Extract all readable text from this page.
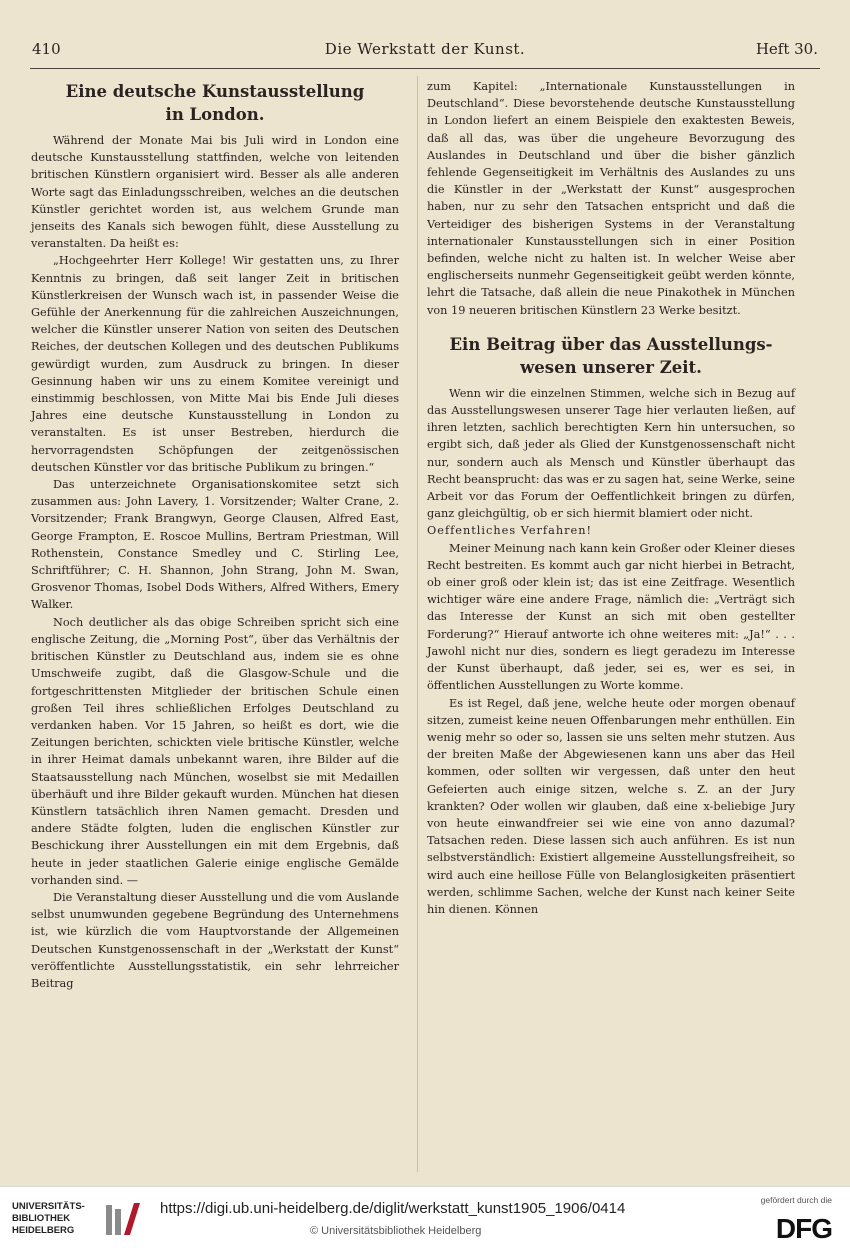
410	Die Werkstatt der Kunst.	Heft 30.
Eine deutsche Kunstausstellung
in London.

Während der Monate Mai bis Juli wird in London eine deutsche Kunstausstellung stattfinden, welche von leitenden britischen Künstlern organisiert wird. Besser als alle anderen Worte sagt das Einladungsschreiben, welches an die deutschen Künstler gerichtet worden ist, aus welchem Grunde man jenseits des Kanals sich bewogen fühlt, diese Ausstellung zu veranstalten. Da heißt es:

„Hochgeehrter Herr Kollege! Wir gestatten uns, zu Ihrer Kenntnis zu bringen, daß seit langer Zeit in britischen Künstlerkreisen der Wunsch wach ist, in passender Weise die Gefühle der Anerkennung für die zahlreichen Auszeichnungen, welcher die Künstler unserer Nation von seiten des Deutschen Reiches, der deutschen Kollegen und des deutschen Publikums gewürdigt wurden, zum Ausdruck zu bringen. In dieser Gesinnung haben wir uns zu einem Komitee vereinigt und einstimmig beschlossen, von Mitte Mai bis Ende Juli dieses Jahres eine deutsche Kunstausstellung in London zu veranstalten. Es ist unser Bestreben, hierdurch die hervorragendsten Schöpfungen der zeitgenössischen deutschen Künstler vor das britische Publikum zu bringen.“

Das unterzeichnete Organisationskomitee setzt sich zusammen aus: John Lavery, 1. Vorsitzender; Walter Crane, 2. Vorsitzender; Frank Brangwyn, George Clausen, Alfred East, George Frampton, E. Roscoe Mullins, Bertram Priestman, Will Rothenstein, Constance Smedley und C. Stirling Lee, Schriftführer; C. H. Shannon, John Strang, John M. Swan, Grosvenor Thomas, Isobel Dods Withers, Alfred Withers, Emery Walker.

Noch deutlicher als das obige Schreiben spricht sich eine englische Zeitung, die „Morning Post“, über das Verhältnis der britischen Künstler zu Deutschland aus, indem sie es ohne Umschweife zugibt, daß die Glasgow-Schule und die fortgeschrittensten Mitglieder der britischen Schule einen großen Teil ihres schließlichen Erfolges Deutschland zu verdanken haben. Vor 15 Jahren, so heißt es dort, wie die Zeitungen berichten, schickten viele britische Künstler, welche in ihrer Heimat damals unbekannt waren, ihre Bilder auf die Staatsausstellung nach München, woselbst sie mit Medaillen überhäuft und ihre Bilder gekauft wurden. München hat diesen Künstlern tatsächlich ihren Namen gemacht. Dresden und andere Städte folgten, luden die englischen Künstler zur Beschickung ihrer Ausstellungen ein mit dem Ergebnis, daß heute in jeder staatlichen Galerie einige englische Gemälde vorhanden sind. —

Die Veranstaltung dieser Ausstellung und die vom Auslande selbst unumwunden gegebene Begründung des Unternehmens ist, wie kürzlich die vom Hauptvorstande der Allgemeinen Deutschen Kunstgenossenschaft in der „Werkstatt der Kunst“ veröffentlichte Ausstellungsstatistik, ein sehr lehrreicher Beitrag

zum Kapitel: „Internationale Kunstausstellungen in Deutschland“. Diese bevorstehende deutsche Kunstausstellung in London liefert an einem Beispiele den exaktesten Beweis, daß all das, was über die ungeheure Bevorzugung des Auslandes in Deutschland und über die bisher gänzlich fehlende Gegenseitigkeit im Verhältnis des Auslandes zu uns die Künstler in der „Werkstatt der Kunst“ ausgesprochen haben, nur zu sehr den Tatsachen entspricht und daß die Verteidiger des bisherigen Systems in der Veranstaltung internationaler Kunstausstellungen sich in einer Position befinden, welche nicht zu halten ist. In welcher Weise aber englischerseits nunmehr Gegenseitigkeit geübt werden könnte, lehrt die Tatsache, daß allein die neue Pinakothek in München von 19 neueren britischen Künstlern 23 Werke besitzt.

Ein Beitrag über das Ausstellungs-
wesen unserer Zeit.

Wenn wir die einzelnen Stimmen, welche sich in Bezug auf das Ausstellungswesen unserer Tage hier verlauten ließen, auf ihren letzten, sachlich berechtigten Kern hin untersuchen, so ergibt sich, daß jeder als Glied der Kunstgenossenschaft nicht nur, sondern auch als Mensch und Künstler überhaupt das Recht beansprucht: das was er zu sagen hat, seine Werke, seine Arbeit vor das Forum der Oeffentlichkeit bringen zu dürfen, ganz gleichgültig, ob er sich hiermit blamiert oder nicht.

Oeffentliches Verfahren!

Meiner Meinung nach kann kein Großer oder Kleiner dieses Recht bestreiten. Es kommt auch gar nicht hierbei in Betracht, ob einer groß oder klein ist; das ist eine Zeitfrage. Wesentlich wichtiger wäre eine andere Frage, nämlich die: „Verträgt sich das Interesse der Kunst an sich mit oben gestellter Forderung?“ Hierauf antworte ich ohne weiteres mit: „Ja!“ . . . Jawohl nicht nur dies, sondern es liegt geradezu im Interesse der Kunst überhaupt, daß jeder, sei es, wer es sei, in öffentlichen Ausstellungen zu Worte komme.

Es ist Regel, daß jene, welche heute oder morgen obenauf sitzen, zumeist keine neuen Offenbarungen mehr enthüllen. Ein wenig mehr so oder so, lassen sie uns selten mehr stutzen. Aus der breiten Maße der Abgewiesenen kann uns aber das Heil kommen, oder sollten wir vergessen, daß unter den heut Gefeierten auch einige sitzen, welche s. Z. an der Jury krankten? Oder wollen wir glauben, daß eine x-beliebige Jury von heute einwandfreier sei wie eine von anno dazumal? Tatsachen reden. Diese lassen sich auch anführen. Es ist nun selbstverständlich: Existiert allgemeine Ausstellungsfreiheit, so wird auch eine heillose Fülle von Belanglosigkeiten präsentiert werden, schlimme Sachen, welche der Kunst nach keiner Seite hin dienen. Können

UNIVERSITÄTS-
BIBLIOTHEK
HEIDELBERG
https://digi.ub.uni-heidelberg.de/diglit/werkstatt_kunst1905_1906/0414
© Universitätsbibliothek Heidelberg
gefördert durch die
DFG
